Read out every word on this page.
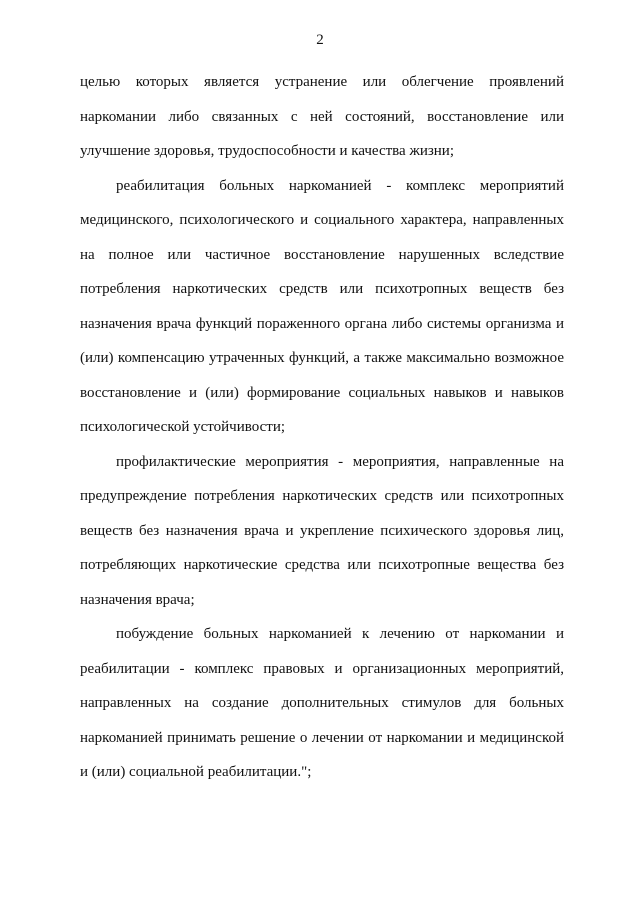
2

целью которых является устранение или облегчение проявлений наркомании либо связанных с ней состояний, восстановление или улучшение здоровья, трудоспособности и качества жизни;

реабилитация больных наркоманией - комплекс мероприятий медицинского, психологического и социального характера, направленных на полное или частичное восстановление нарушенных вследствие потребления наркотических средств или психотропных веществ без назначения врача функций пораженного органа либо системы организма и (или) компенсацию утраченных функций, а также максимально возможное восстановление и (или) формирование социальных навыков и навыков психологической устойчивости;

профилактические мероприятия - мероприятия, направленные на предупреждение потребления наркотических средств или психотропных веществ без назначения врача и укрепление психического здоровья лиц, потребляющих наркотические средства или психотропные вещества без назначения врача;

побуждение больных наркоманией к лечению от наркомании и реабилитации - комплекс правовых и организационных мероприятий, направленных на создание дополнительных стимулов для больных наркоманией принимать решение о лечении от наркомании и медицинской и (или) социальной реабилитации.";
